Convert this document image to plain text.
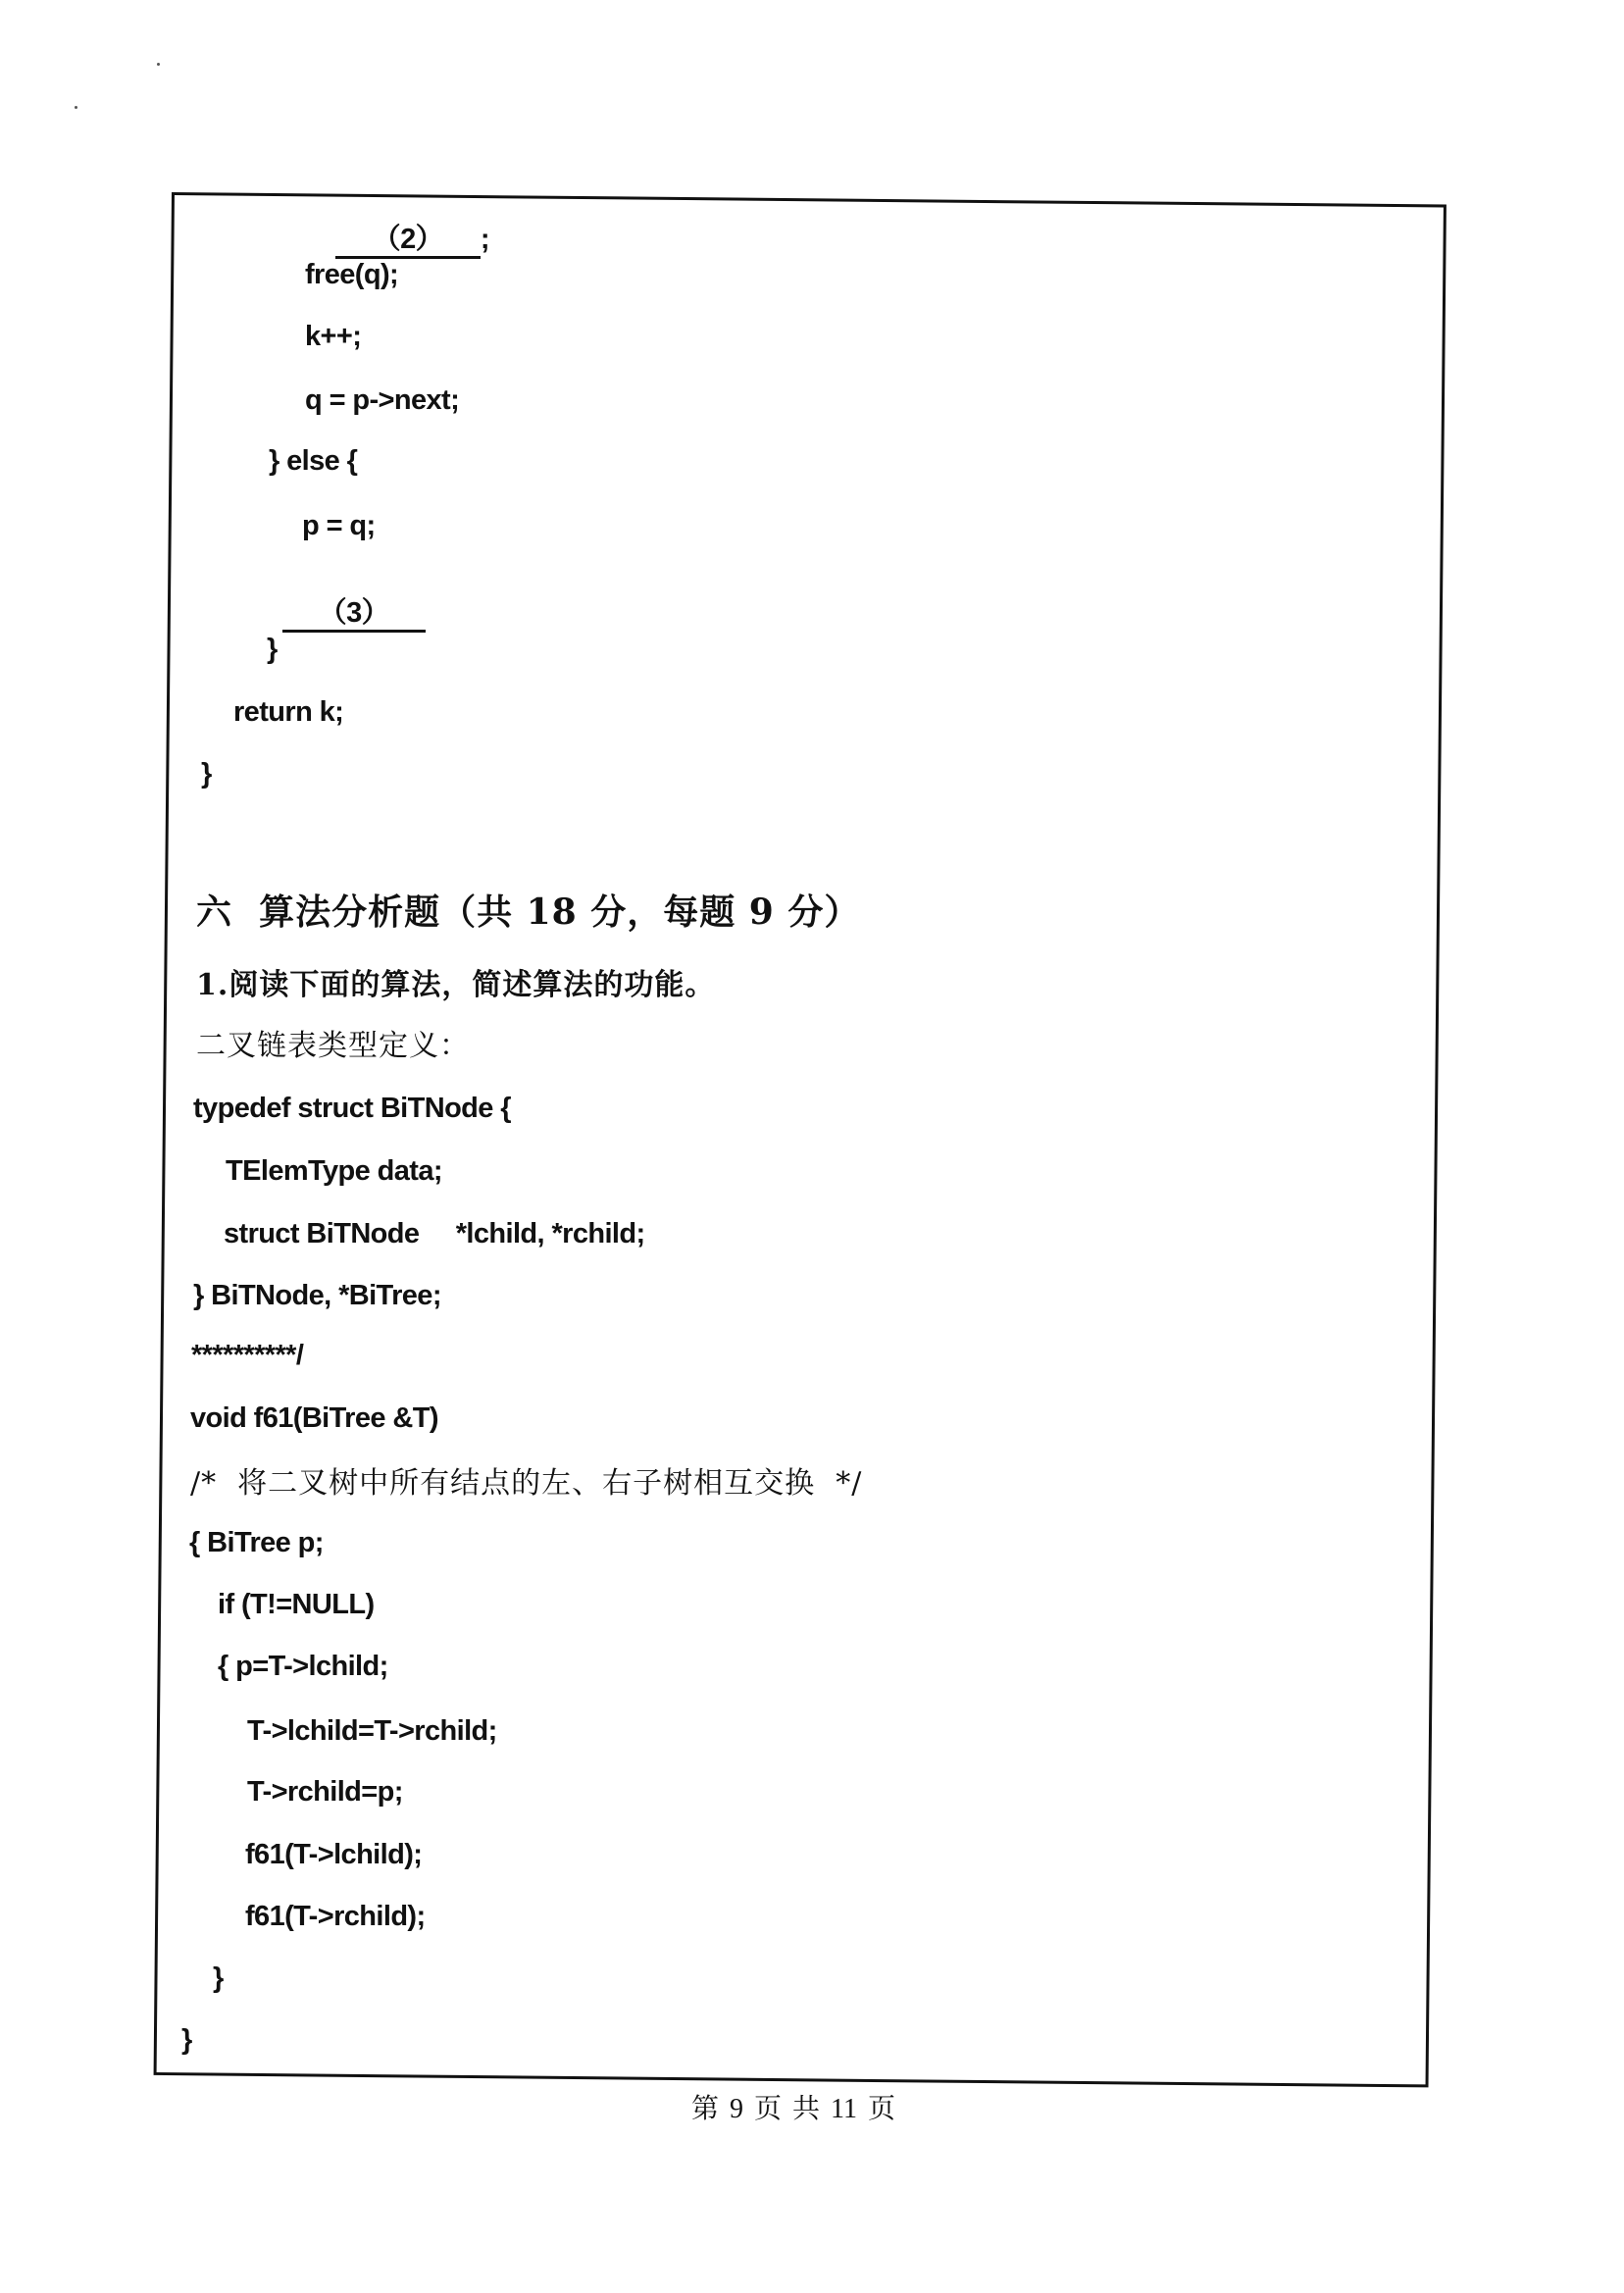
（2） ;

free(q);
k++;
q = p->next;
} else {
p = q;

（3）

}
return k;
}
六  算法分析题（共 18 分，每题 9 分）
1.阅读下面的算法，简述算法的功能。
二叉链表类型定义：
typedef struct BiTNode {
TElemType data;
struct BiTNode     *lchild, *rchild;
} BiTNode, *BiTree;
**********/
void f61(BiTree &T)
/*  将二叉树中所有结点的左、右子树相互交换  */
{ BiTree p;
if (T!=NULL)
{ p=T->lchild;
T->lchild=T->rchild;
T->rchild=p;
f61(T->lchild);
f61(T->rchild);
}
}
第 9 页 共 11 页
